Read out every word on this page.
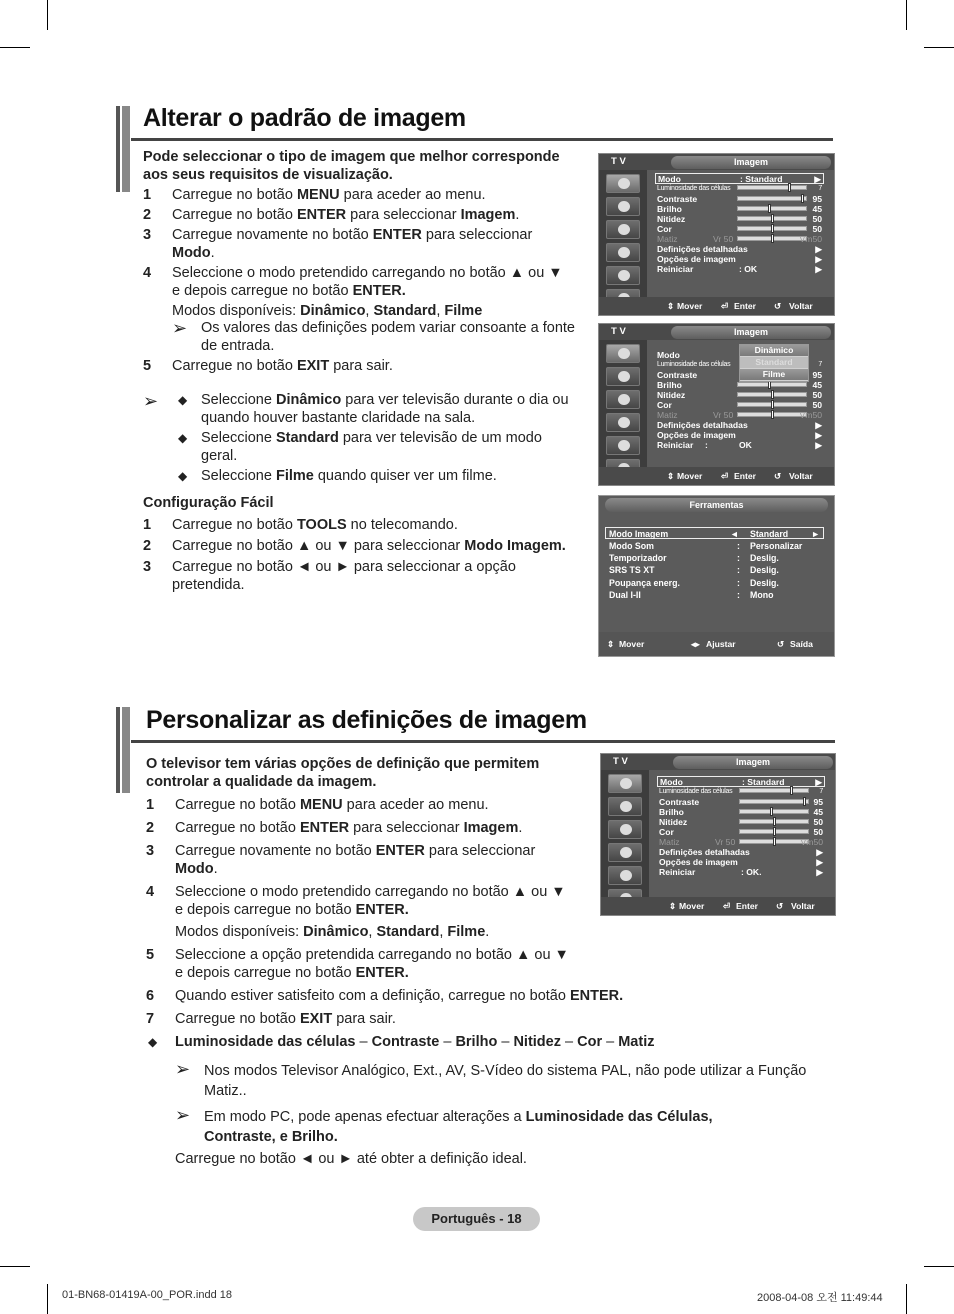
Alterar o padrão de imagem
Pode seleccionar o tipo de imagem que melhor corresponde aos seus requisitos de visualização.
1 Carregue no botão MENU para aceder ao menu.
2 Carregue no botão ENTER para seleccionar Imagem.
3 Carregue novamente no botão ENTER para seleccionar
Modo.
4 Seleccione o modo pretendido carregando no botão ▲ ou ▼
e depois carregue no botão ENTER.
Modos disponíveis: Dinâmico, Standard, Filme
➢ Os valores das definições podem variar consoante a fonte de entrada.
5 Carregue no botão EXIT para sair.
➢ ◆ Seleccione Dinâmico para ver televisão durante o dia ou quando houver bastante claridade na sala.
◆ Seleccione Standard para ver televisão de um modo geral.
◆ Seleccione Filme quando quiser ver um filme.
Configuração Fácil
1 Carregue no botão TOOLS no telecomando.
2 Carregue no botão ▲ ou ▼ para seleccionar Modo Imagem.
3 Carregue no botão ◄ ou ► para seleccionar a opção pretendida.
T V	Imagem
Modo	: Standard	▶
Luminosidade das células	7
Contraste	95
Brilho	45
Nitidez	50
Cor	50
Matiz	Vr 50	Vm50
Definições detalhadas	▶
Opções de imagem	▶
Reiniciar	: OK	▶
⇕ Mover ⏎ Enter ↺ Voltar
T V	Imagem
Modo
Luminosidade das células	7
Contraste	95
Brilho	45
Nitidez	50
Cor	50
Matiz	Vr 50	Vm50
Definições detalhadas	▶
Opções de imagem	▶
Reiniciar :	OK	▶
Dinâmico
Standard
Filme
⇕ Mover ⏎ Enter ↺ Voltar
Ferramentas
Modo Imagem	◄ Standard	►
Modo Som	: Personalizar
Temporizador	: Deslig.
SRS TS XT	: Deslig.
Poupança energ.	: Deslig.
Dual I-II	: Mono
⇕ Mover	◂▸ Ajustar	↺ Saída
Personalizar as definições de imagem
O televisor tem várias opções de definição que permitem controlar a qualidade da imagem.
1 Carregue no botão MENU para aceder ao menu.
2 Carregue no botão ENTER para seleccionar Imagem.
3 Carregue novamente no botão ENTER para seleccionar
Modo.
4 Seleccione o modo pretendido carregando no botão ▲ ou ▼
e depois carregue no botão ENTER.
Modos disponíveis: Dinâmico, Standard, Filme.
5 Seleccione a opção pretendida carregando no botão ▲ ou ▼
e depois carregue no botão ENTER.
6 Quando estiver satisfeito com a definição, carregue no botão ENTER.
7 Carregue no botão EXIT para sair.
◆ Luminosidade das células – Contraste – Brilho – Nitidez – Cor – Matiz
➢ Nos modos Televisor Analógico, Ext., AV, S-Vídeo do sistema PAL, não pode utilizar a Função Matiz..
➢ Em modo PC, pode apenas efectuar alterações a Luminosidade das Células,
Contraste, e Brilho.
Carregue no botão ◄ ou ► até obter a definição ideal.
T V	Imagem
Modo	: Standard	▶
Luminosidade das células	7
Contraste	95
Brilho	45
Nitidez	50
Cor	50
Matiz	Vr 50	Vm50
Definições detalhadas	▶
Opções de imagem	▶
Reiniciar	: OK.	▶
⇕ Mover ⏎ Enter ↺ Voltar
Português - 18
01-BN68-01419A-00_POR.indd 18	2008-04-08 오전 11:49:44
